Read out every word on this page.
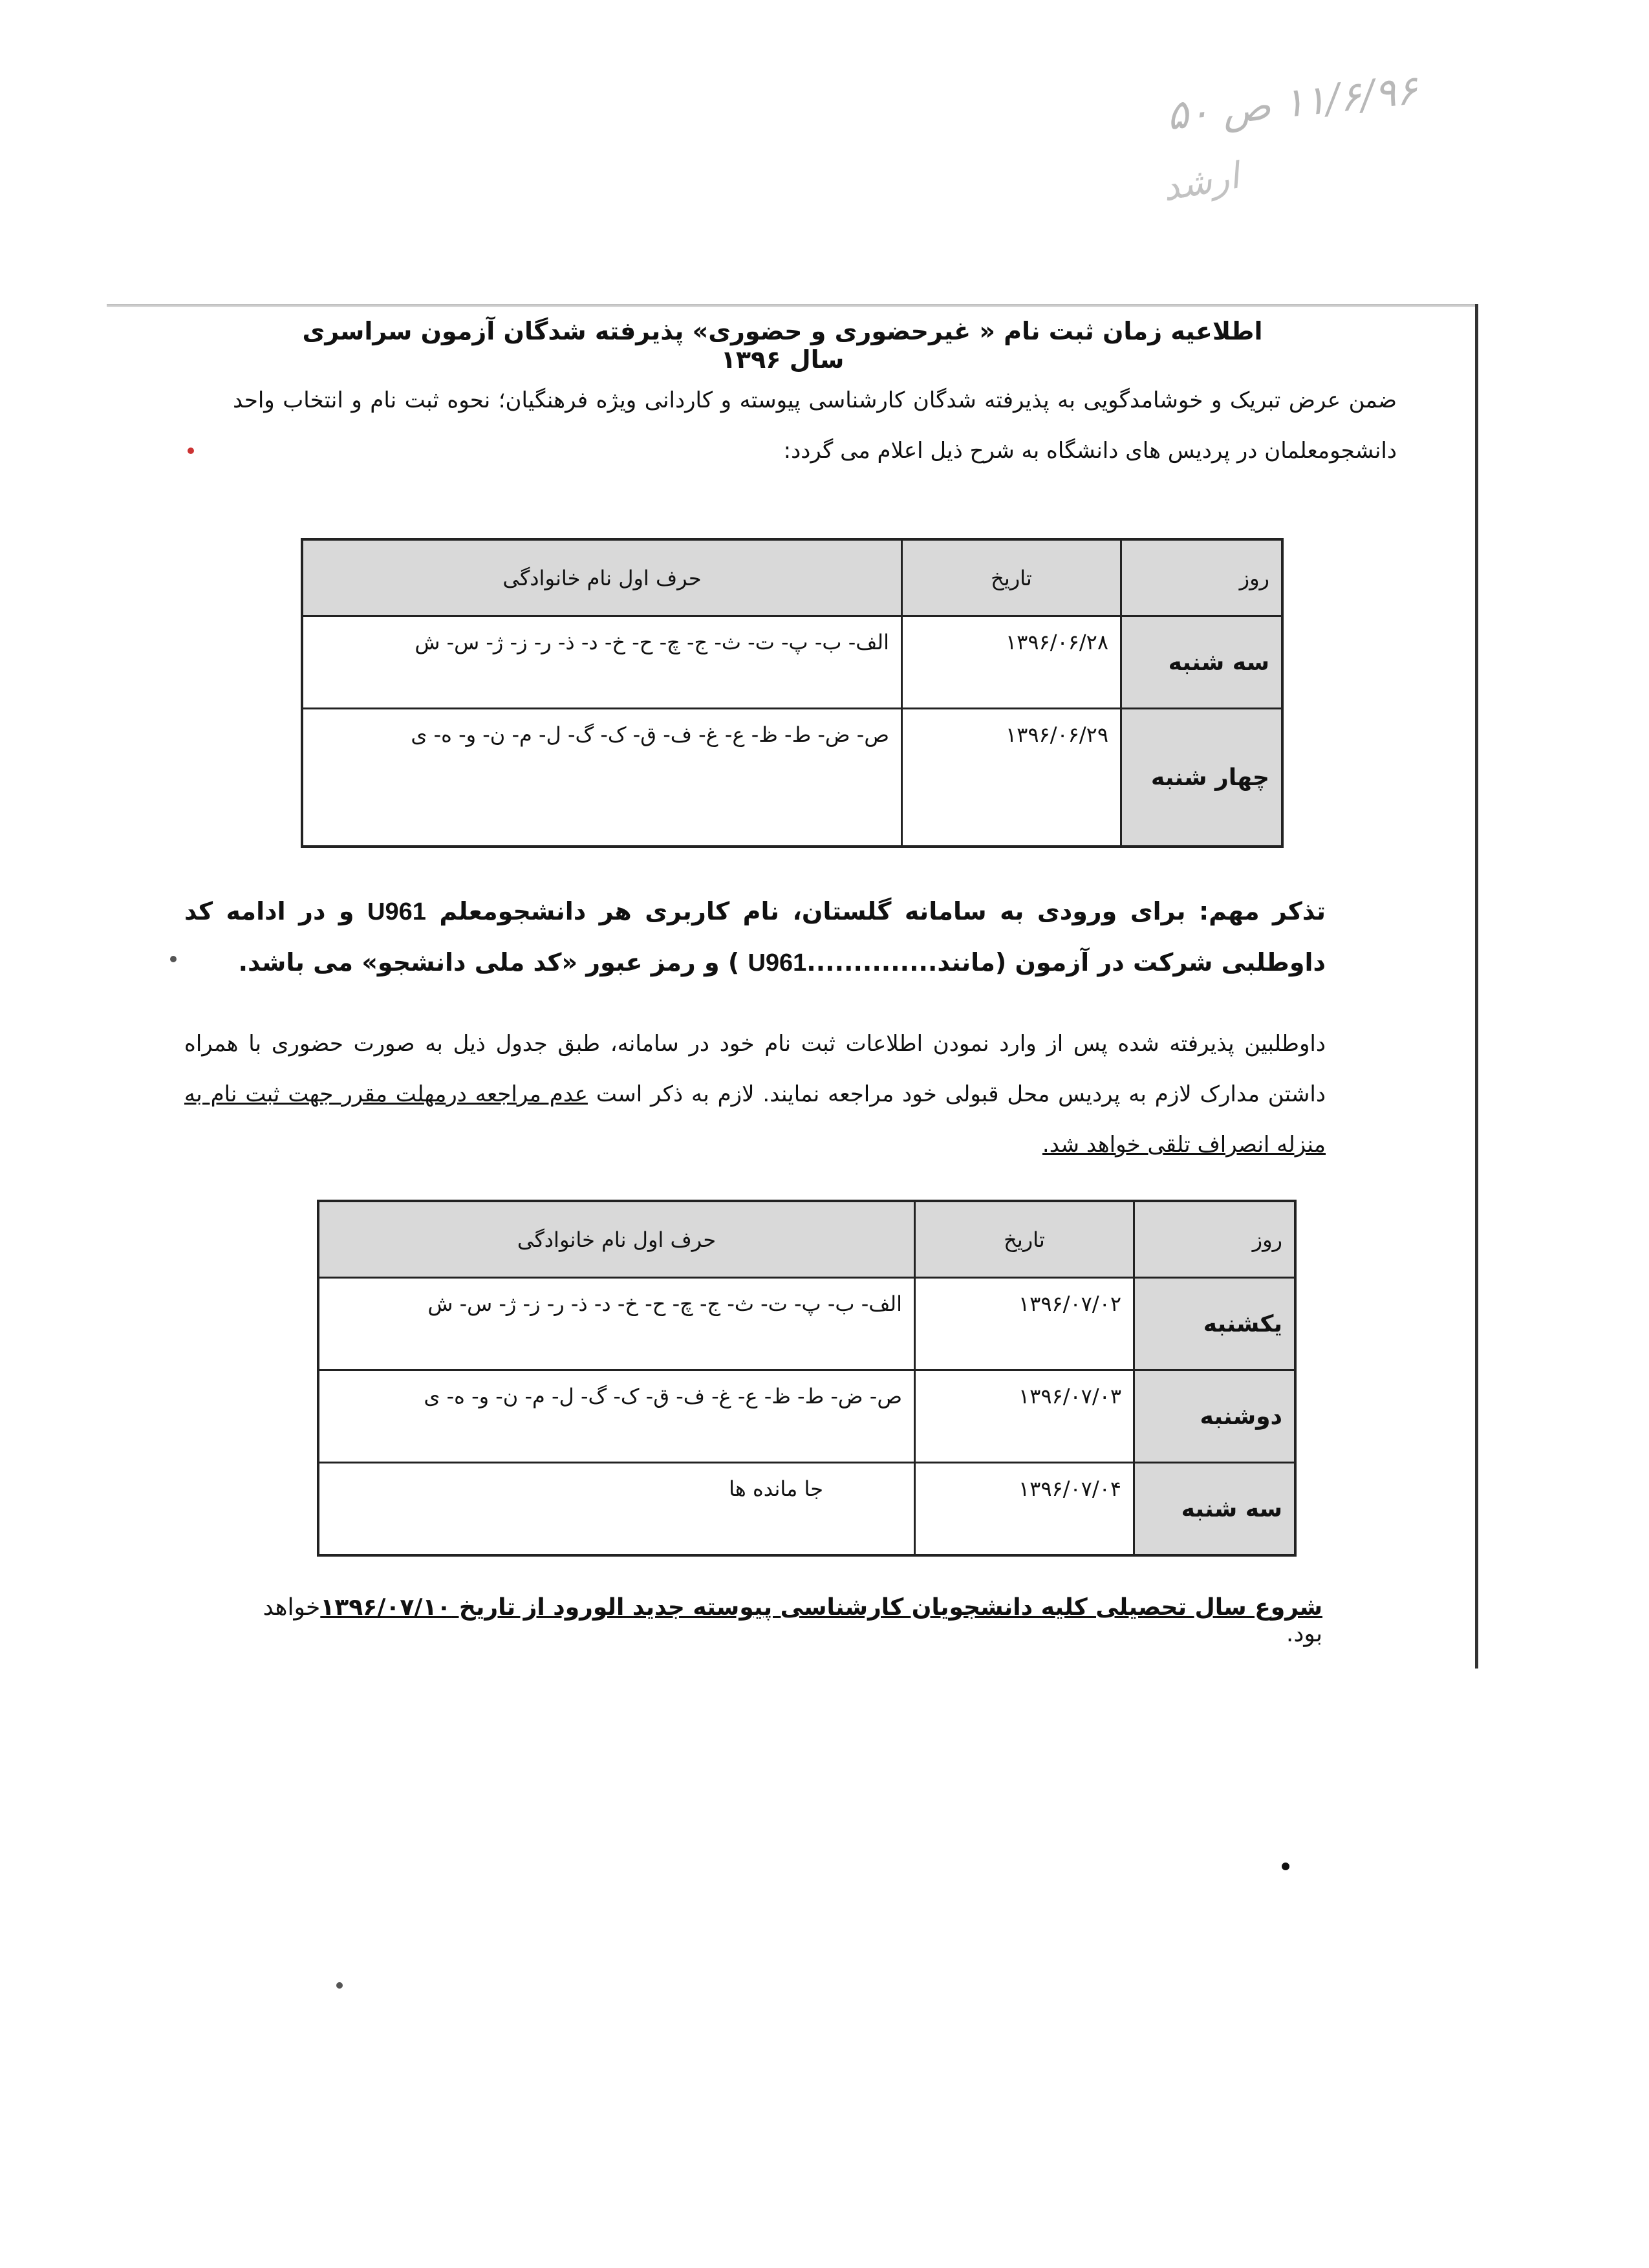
۱۱/۶/۹۶ ص ۵۰
ارشد
اطلاعیه زمان ثبت نام « غیرحضوری و حضوری» پذیرفته شدگان آزمون سراسری سال ۱۳۹۶
ضمن عرض تبریک و خوشامدگویی به پذیرفته شدگان کارشناسی پیوسته و کاردانی ویژه فرهنگیان؛ نحوه ثبت نام و انتخاب واحد دانشجومعلمان در پردیس های دانشگاه به شرح ذیل اعلام می گردد:
روز	تاریخ	حرف اول نام خانوادگی
سه شنبه	۱۳۹۶/۰۶/۲۸	الف- ب- پ- ت- ث- ج- چ- ح- خ- د- ذ- ر- ز- ژ- س- ش
چهار شنبه	۱۳۹۶/۰۶/۲۹	ص- ض- ط- ظ- ع- غ- ف- ق- ک- گ- ل- م- ن- و- ه- ی
تذکر مهم: برای ورودی به سامانه گلستان، نام کاربری هر دانشجومعلم U961 و در ادامه کد داوطلبی شرکت در آزمون (مانند..............U961 ) و رمز عبور «کد ملی دانشجو» می باشد.
داوطلبین پذیرفته شده پس از وارد نمودن اطلاعات ثبت نام خود در سامانه، طبق جدول ذیل به صورت حضوری با همراه داشتن مدارک لازم به پردیس محل قبولی خود مراجعه نمایند. لازم به ذکر است عدم مراجعه درمهلت مقرر جهت ثبت نام به منزله انصراف تلقی خواهد شد.
روز	تاریخ	حرف اول نام خانوادگی
یکشنبه	۱۳۹۶/۰۷/۰۲	الف- ب- پ- ت- ث- ج- چ- ح- خ- د- ذ- ر- ز- ژ- س- ش
دوشنبه	۱۳۹۶/۰۷/۰۳	ص- ض- ط- ظ- ع- غ- ف- ق- ک- گ- ل- م- ن- و- ه- ی
سه شنبه	۱۳۹۶/۰۷/۰۴	جا مانده ها
شروع سال تحصیلی کلیه دانشجویان کارشناسی پیوسته جدید الورود از تاریخ ۱۳۹۶/۰۷/۱۰خواهد بود.
